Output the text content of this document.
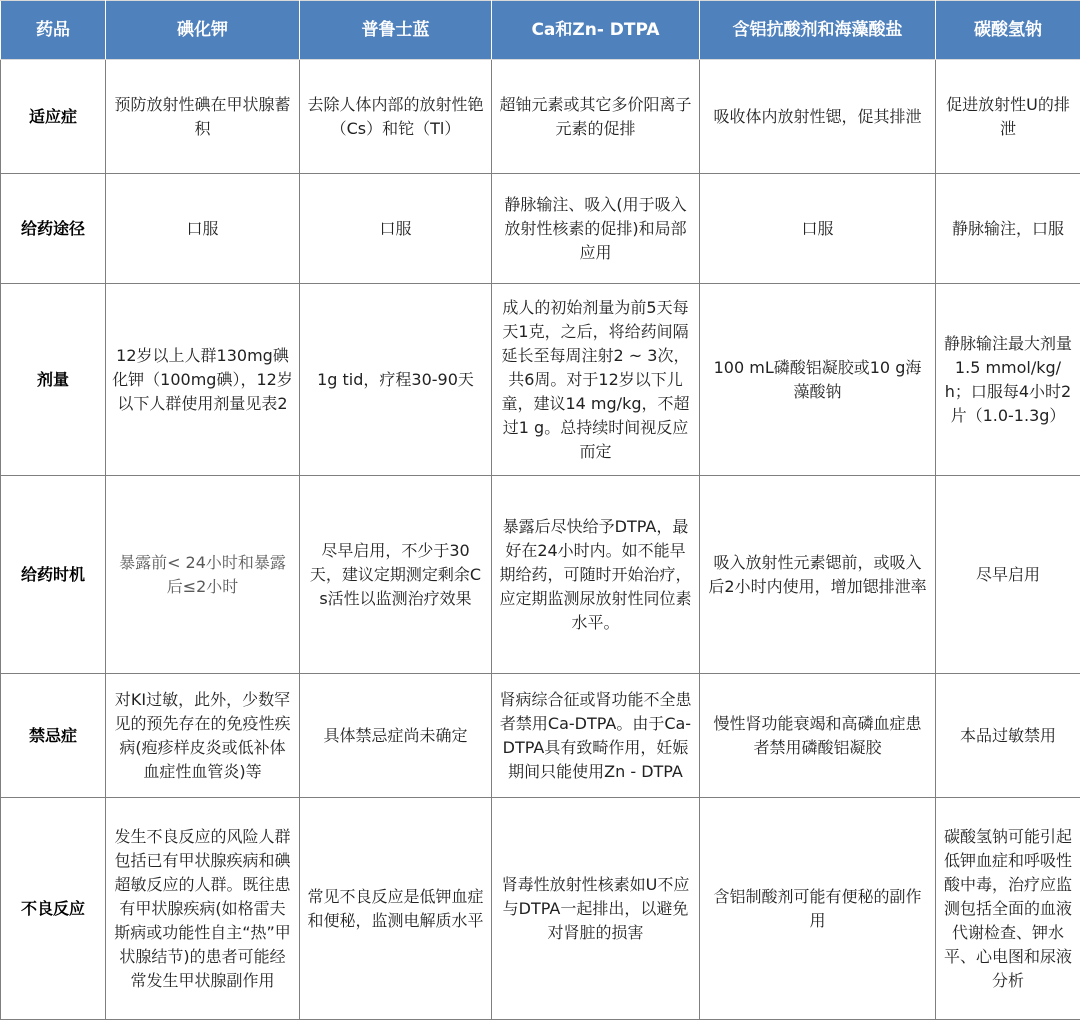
药品	碘化钾	普鲁士蓝	Ca和Zn- DTPA	含铝抗酸剂和海藻酸盐	碳酸氢钠
适应症	预防放射性碘在甲状腺蓄积	去除人体内部的放射性铯（Cs）和铊（Tl）	超铀元素或其它多价阳离子元素的促排	吸收体内放射性锶，促其排泄	促进放射性U的排泄
给药途径	口服	口服	静脉输注、吸入(用于吸入放射性核素的促排)和局部应用	口服	静脉输注，口服
剂量	12岁以上人群130mg碘化钾（100mg碘），12岁以下人群使用剂量见表2	1g tid，疗程30-90天	成人的初始剂量为前5天每天1克，之后，将给药间隔延长至每周注射2 ~ 3次，共6周。对于12岁以下儿童，建议14 mg/kg，不超过1 g。总持续时间视反应而定	100 mL磷酸铝凝胶或10 g海藻酸钠	静脉输注最大剂量1.5 mmol/kg/h；口服每4小时2片（1.0-1.3g）
给药时机	暴露前< 24小时和暴露后≤2小时	尽早启用，不少于30天，建议定期测定剩余Cs活性以监测治疗效果	暴露后尽快给予DTPA，最好在24小时内。如不能早期给药，可随时开始治疗，应定期监测尿放射性同位素水平。	吸入放射性元素锶前，或吸入后2小时内使用，增加锶排泄率	尽早启用
禁忌症	对KI过敏，此外，少数罕见的预先存在的免疫性疾病(疱疹样皮炎或低补体血症性血管炎)等	具体禁忌症尚未确定	肾病综合征或肾功能不全患者禁用Ca-DTPA。由于Ca-DTPA具有致畸作用，妊娠期间只能使用Zn - DTPA	慢性肾功能衰竭和高磷血症患者禁用磷酸铝凝胶	本品过敏禁用
不良反应	发生不良反应的风险人群包括已有甲状腺疾病和碘超敏反应的人群。既往患有甲状腺疾病(如格雷夫斯病或功能性自主“热”甲状腺结节)的患者可能经常发生甲状腺副作用	常见不良反应是低钾血症和便秘，监测电解质水平	肾毒性放射性核素如U不应与DTPA一起排出，以避免对肾脏的损害	含铝制酸剂可能有便秘的副作用	碳酸氢钠可能引起低钾血症和呼吸性酸中毒，治疗应监测包括全面的血液代谢检查、钾水平、心电图和尿液分析
